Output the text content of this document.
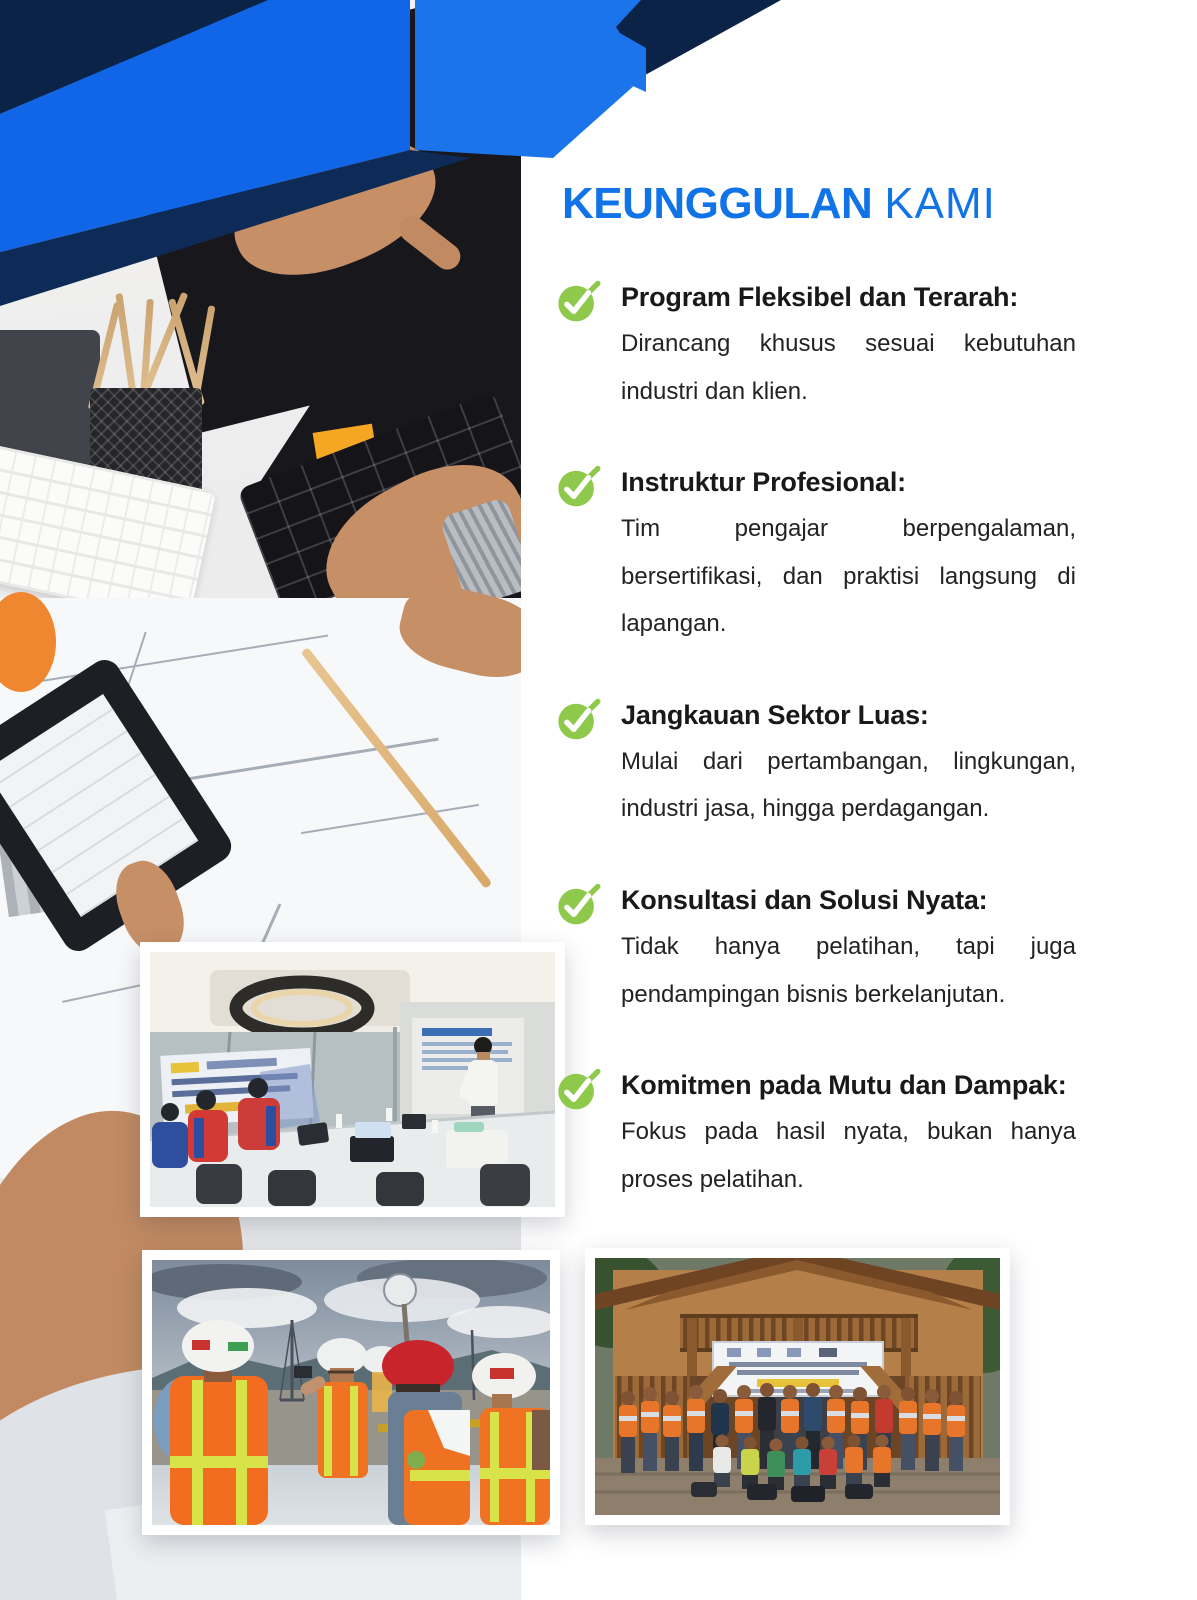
KEUNGGULAN KAMI
Program Fleksibel dan Terarah:

Dirancang khusus sesuai kebutuhan industri dan klien.

Instruktur Profesional:

Tim pengajar berpengalaman, bersertifikasi, dan praktisi langsung di lapangan.

Jangkauan Sektor Luas:

Mulai dari pertambangan, lingkungan, industri jasa, hingga perdagangan.

Konsultasi dan Solusi Nyata:

Tidak hanya pelatihan, tapi juga pendampingan bisnis berkelanjutan.

Komitmen pada Mutu dan Dampak:

Fokus pada hasil nyata, bukan hanya proses pelatihan.
